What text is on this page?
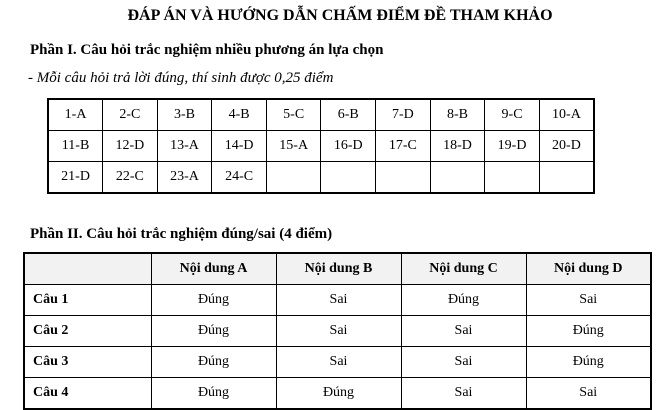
ĐÁP ÁN VÀ HƯỚNG DẪN CHẤM ĐIỂM ĐỀ THAM KHẢO
Phần I. Câu hỏi trắc nghiệm nhiều phương án lựa chọn
- Mỗi câu hỏi trả lời đúng, thí sinh được 0,25 điểm
1-A	2-C	3-B	4-B	5-C	6-B	7-D	8-B	9-C	10-A
11-B	12-D	13-A	14-D	15-A	16-D	17-C	18-D	19-D	20-D
21-D	22-C	23-A	24-C						
Phần II. Câu hỏi trắc nghiệm đúng/sai (4 điểm)
	Nội dung A	Nội dung B	Nội dung C	Nội dung D
Câu 1	Đúng	Sai	Đúng	Sai
Câu 2	Đúng	Sai	Sai	Đúng
Câu 3	Đúng	Sai	Sai	Đúng
Câu 4	Đúng	Đúng	Sai	Sai
